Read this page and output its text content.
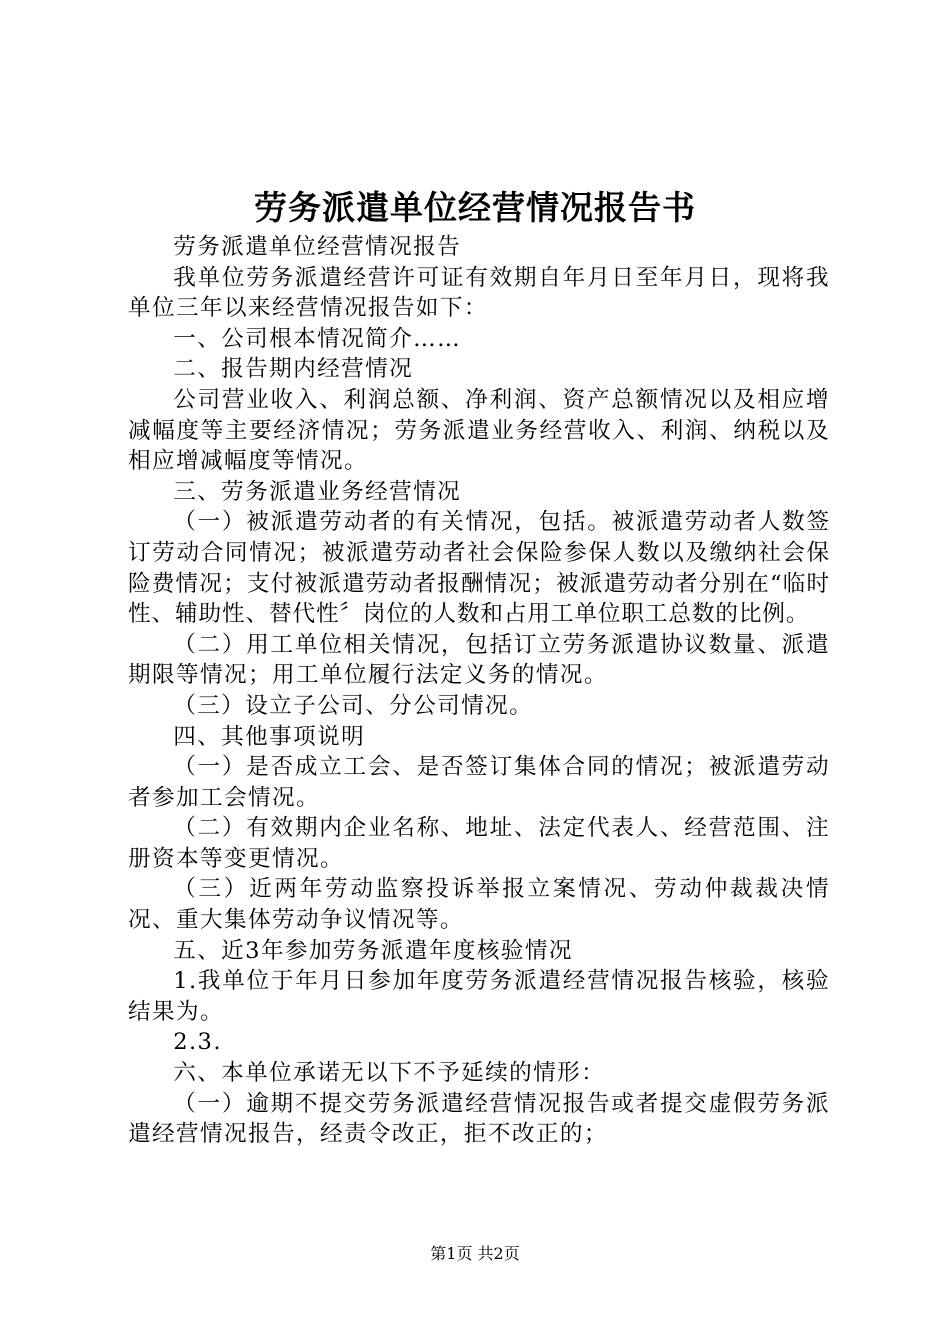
劳务派遣单位经营情况报告书

劳务派遣单位经营情况报告

我单位劳务派遣经营许可证有效期自年月日至年月日，现将我单位三年以来经营情况报告如下：

一、公司根本情况简介……

二、报告期内经营情况

公司营业收入、利润总额、净利润、资产总额情况以及相应增减幅度等主要经济情况；劳务派遣业务经营收入、利润、纳税以及相应增减幅度等情况。

三、劳务派遣业务经营情况

（一）被派遣劳动者的有关情况，包括。被派遣劳动者人数签订劳动合同情况；被派遣劳动者社会保险参保人数以及缴纳社会保险费情况；支付被派遣劳动者报酬情况；被派遣劳动者分别在“临时性、辅助性、替代性〞岗位的人数和占用工单位职工总数的比例。

（二）用工单位相关情况，包括订立劳务派遣协议数量、派遣期限等情况；用工单位履行法定义务的情况。

（三）设立子公司、分公司情况。

四、其他事项说明

（一）是否成立工会、是否签订集体合同的情况；被派遣劳动者参加工会情况。

（二）有效期内企业名称、地址、法定代表人、经营范围、注册资本等变更情况。

（三）近两年劳动监察投诉举报立案情况、劳动仲裁裁决情况、重大集体劳动争议情况等。

五、近3年参加劳务派遣年度核验情况

1.我单位于年月日参加年度劳务派遣经营情况报告核验，核验结果为。

2.3.

六、本单位承诺无以下不予延续的情形：

（一）逾期不提交劳务派遣经营情况报告或者提交虚假劳务派遣经营情况报告，经责令改正，拒不改正的；

第1页 共2页
